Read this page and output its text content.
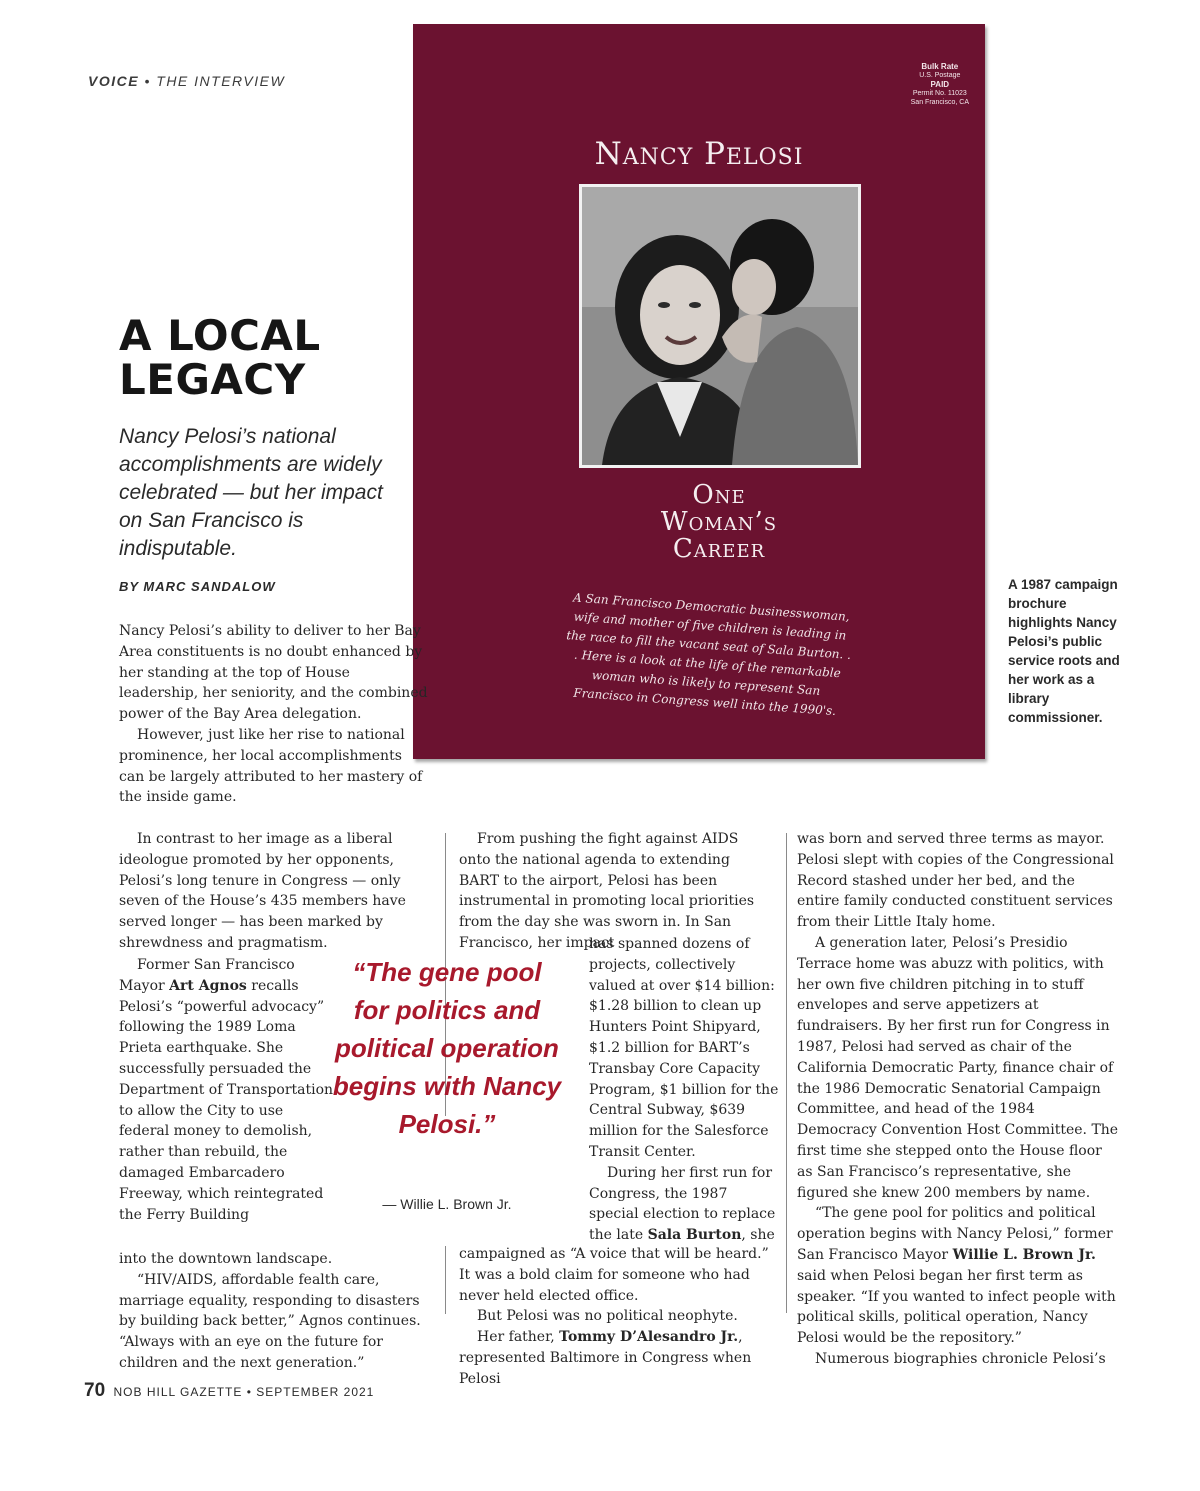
VOICE • THE INTERVIEW
A LOCAL LEGACY

Nancy Pelosi’s national accomplishments are widely celebrated — but her impact on San Francisco is indisputable.

BY MARC SANDALOW
Bulk Rate
U.S. Postage
PAID
Permit No. 11023
San Francisco, CA
Nancy Pelosi
One
Woman’s
Career
A San Francisco Democratic businesswoman, wife and mother of five children is leading in the race to fill the vacant seat of Sala Burton. . . Here is a look at the life of the remarkable woman who is likely to represent San Francisco in Congress well into the 1990's.

A 1987 campaign brochure highlights Nancy Pelosi’s public service roots and her work as a library commissioner.

Nancy Pelosi’s ability to deliver to her Bay Area constituents is no doubt enhanced by her standing at the top of House leadership, her seniority, and the combined power of the Bay Area delegation.

However, just like her rise to national prominence, her local accomplishments can be largely attributed to her mastery of the inside game.

In contrast to her image as a liberal ideologue promoted by her opponents, Pelosi’s long tenure in Congress — only seven of the House’s 435 members have served longer — has been marked by shrewdness and pragmatism.

Former San Francisco Mayor Art Agnos recalls Pelosi’s “powerful advocacy” following the 1989 Loma Prieta earthquake. She successfully persuaded the Department of Transportation to allow the City to use federal money to demolish, rather than rebuild, the damaged Embarcadero Freeway, which reintegrated the Ferry Building

into the downtown landscape.

“HIV/AIDS, affordable fealth care, marriage equality, responding to disasters by building back better,” Agnos continues. “Always with an eye on the future for children and the next generation.”

From pushing the fight against AIDS onto the national agenda to extending BART to the airport, Pelosi has been instrumental in promoting local priorities from the day she was sworn in. In San Francisco, her impact

has spanned dozens of projects, collectively valued at over $14 billion: $1.28 billion to clean up Hunters Point Shipyard, $1.2 billion for BART’s Transbay Core Capacity Program, $1 billion for the Central Subway, $639 million for the Salesforce Transit Center.

During her first run for Congress, the 1987 special election to replace the late Sala Burton, she

campaigned as “A voice that will be heard.” It was a bold claim for someone who had never held elected office.

But Pelosi was no political neophyte.

Her father, Tommy D’Alesandro Jr., represented Baltimore in Congress when Pelosi

was born and served three terms as mayor. Pelosi slept with copies of the Congressional Record stashed under her bed, and the entire family conducted constituent services from their Little Italy home.

A generation later, Pelosi’s Presidio Terrace home was abuzz with politics, with her own five children pitching in to stuff envelopes and serve appetizers at fundraisers. By her first run for Congress in 1987, Pelosi had served as chair of the California Democratic Party, finance chair of the 1986 Democratic Senatorial Campaign Committee, and head of the 1984 Democracy Convention Host Committee. The first time she stepped onto the House floor as San Francisco’s representative, she figured she knew 200 members by name.

“The gene pool for politics and political operation begins with Nancy Pelosi,” former San Francisco Mayor Willie L. Brown Jr. said when Pelosi began her first term as speaker. “If you wanted to infect people with political skills, political operation, Nancy Pelosi would be the repository.”

Numerous biographies chronicle Pelosi’s

“The gene pool for politics and political operation begins with Nancy Pelosi.”

— Willie L. Brown Jr.
70 NOB HILL GAZETTE • SEPTEMBER 2021
